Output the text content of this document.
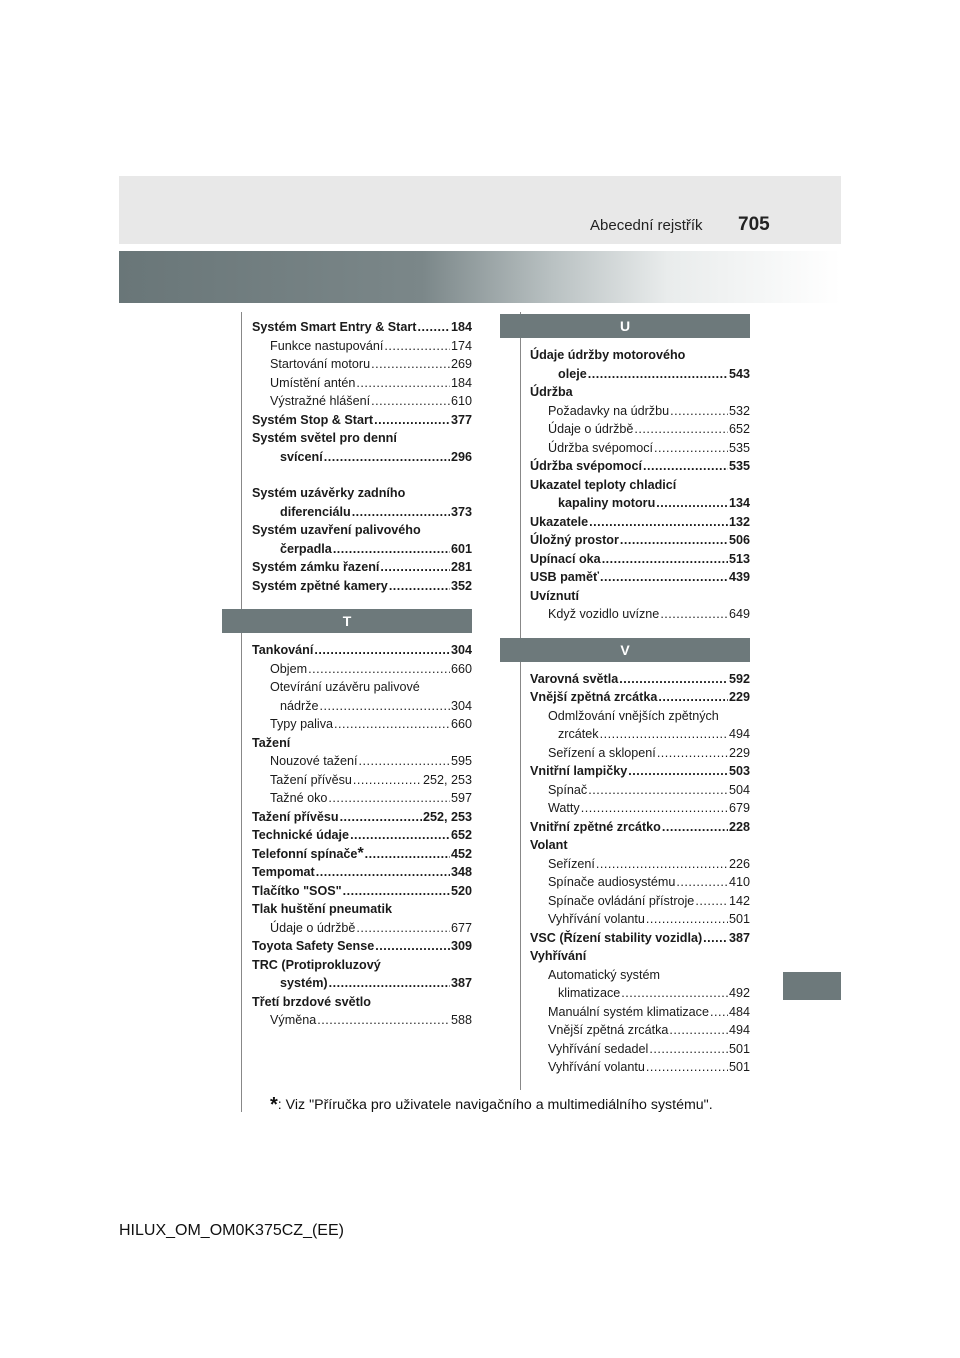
Abecední rejstřík 705
Systém Smart Entry & Start .....	184
Funkce nastupování .....	174
Startování motoru .....	269
Umístění antén .....	184
Výstražné hlášení .....	610
Systém Stop & Start .....	377
Systém světel pro denní
svícení .....	296
Systém uzávěrky zadního
diferenciálu .....	373
Systém uzavření palivového
čerpadla .....	601
Systém zámku řazení .....	281
Systém zpětné kamery .....	352
T
Tankování .....	304
Objem .....	660
Otevírání uzávěru palivové
nádrže .....	304
Typy paliva .....	660
Tažení
Nouzové tažení .....	595
Tažení přívěsu .....	252, 253
Tažné oko .....	597
Tažení přívěsu .....	252, 253
Technické údaje .....	652
Telefonní spínače * .....	452
Tempomat .....	348
Tlačítko "SOS" .....	520
Tlak huštění pneumatik
Údaje o údržbě .....	677
Toyota Safety Sense .....	309
TRC (Protiprokluzový
systém) .....	387
Třetí brzdové světlo
Výměna .....	588
U
Údaje údržby motorového
oleje .....	543
Údržba
Požadavky na údržbu .....	532
Údaje o údržbě .....	652
Údržba svépomocí .....	535
Údržba svépomocí .....	535
Ukazatel teploty chladicí
kapaliny motoru .....	134
Ukazatele .....	132
Úložný prostor .....	506
Upínací oka .....	513
USB paměť .....	439
Uvíznutí
Když vozidlo uvízne .....	649
V
Varovná světla .....	592
Vnější zpětná zrcátka .....	229
Odmlžování vnějších zpětných
zrcátek .....	494
Seřízení a sklopení .....	229
Vnitřní lampičky .....	503
Spínač .....	504
Watty .....	679
Vnitřní zpětné zrcátko .....	228
Volant
Seřízení .....	226
Spínače audiosystému .....	410
Spínače ovládání přístroje .....	142
Vyhřívání volantu .....	501
VSC (Řízení stability vozidla) ..... 387
Vyhřívání
Automatický systém
klimatizace .....	492
Manuální systém klimatizace ..... 484
Vnější zpětná zrcátka .....	494
Vyhřívání sedadel .....	501
Vyhřívání volantu .....	501
*: Viz "Příručka pro uživatele navigačního a multimediálního systému".
HILUX_OM_OM0K375CZ_(EE)
